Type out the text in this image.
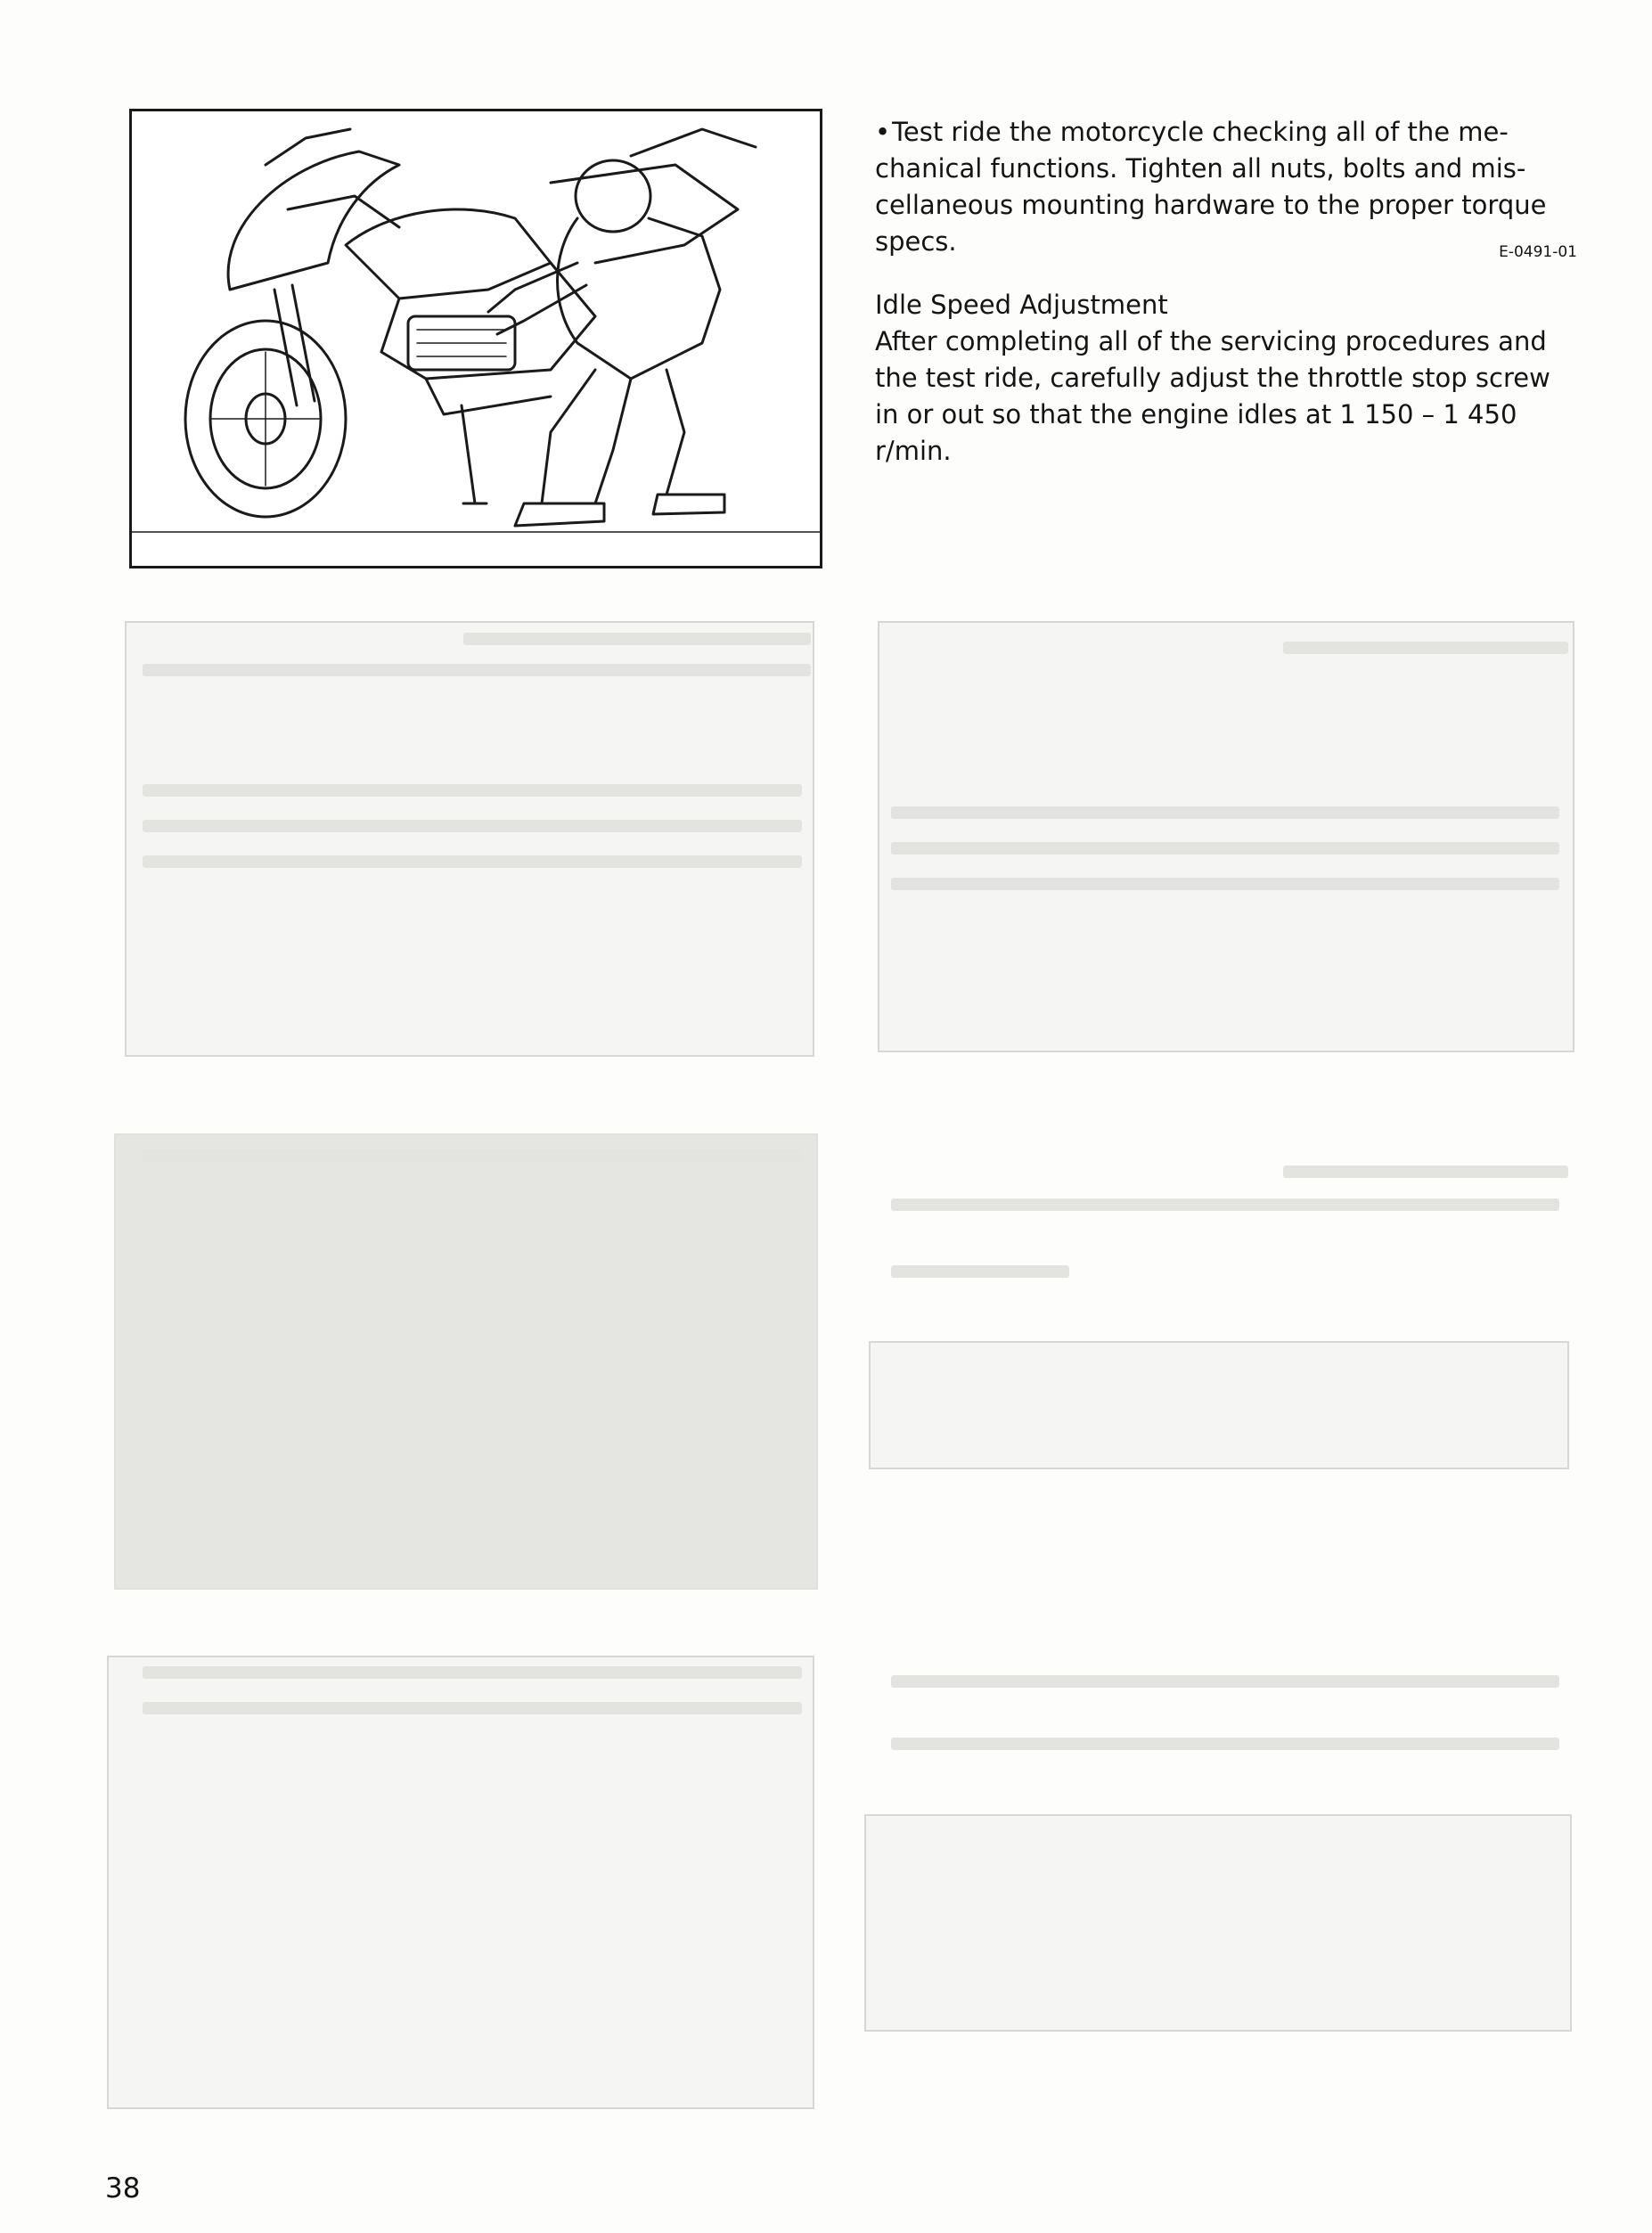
• Test ride the motorcycle checking all of the me-
chanical functions. Tighten all nuts, bolts and mis-
cellaneous mounting hardware to the proper torque
specs.	E-0491-01

Idle Speed Adjustment

After completing all of the servicing procedures and
the test ride, carefully adjust the throttle stop screw
in or out so that the engine idles at 1 150 – 1 450
r/min.

38
